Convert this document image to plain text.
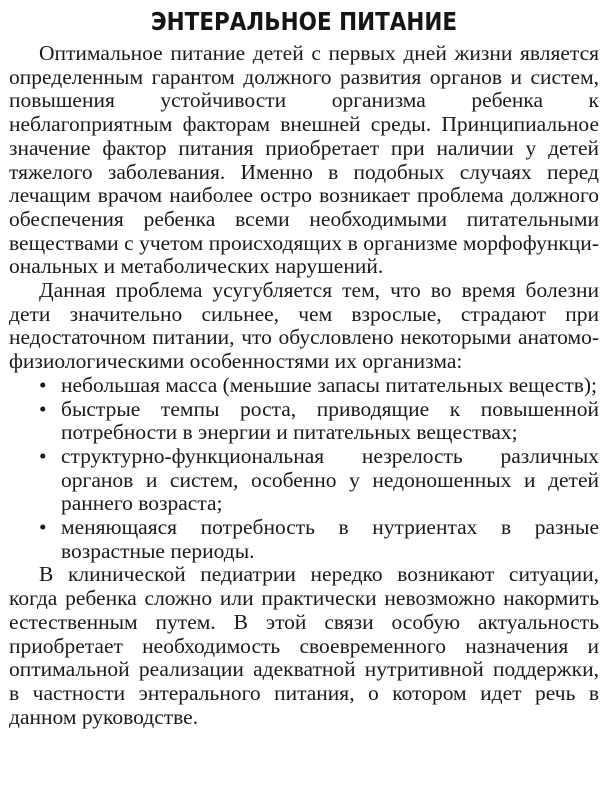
ЭНТЕРАЛЬНОЕ ПИТАНИЕ

Оптимальное питание детей с первых дней жизни является определенным гарантом должного развития органов и систем, повышения устойчивости организма ребенка к неблагоприятным факторам внешней среды. Принципиальное значение фактор питания приобретает при наличии у детей тяжелого заболевания. Именно в подобных случаях перед лечащим врачом наиболее остро возникает проблема должного обеспечения ребенка всеми необходимыми питательными веществами с учетом происходящих в организме морфофункциональных и метаболических нарушений.

Данная проблема усугубляется тем, что во время болезни дети значительно сильнее, чем взрослые, страдают при недостаточном питании, что обусловлено некоторыми анатомо-физиологическими особенностями их организма:

• небольшая масса (меньшие запасы питательных веществ);
• быстрые темпы роста, приводящие к повышенной потребности в энергии и питательных веществах;
• структурно-функциональная незрелость различных органов и систем, особенно у недоношенных и детей раннего возраста;
• меняющаяся потребность в нутриентах в разные возрастные периоды.

В клинической педиатрии нередко возникают ситуации, когда ребенка сложно или практически невозможно накормить естественным путем. В этой связи особую актуальность приобретает необходимость своевременного назначения и оптимальной реализации адекватной нутритивной поддержки, в частности энтерального питания, о котором идет речь в данном руководстве.
